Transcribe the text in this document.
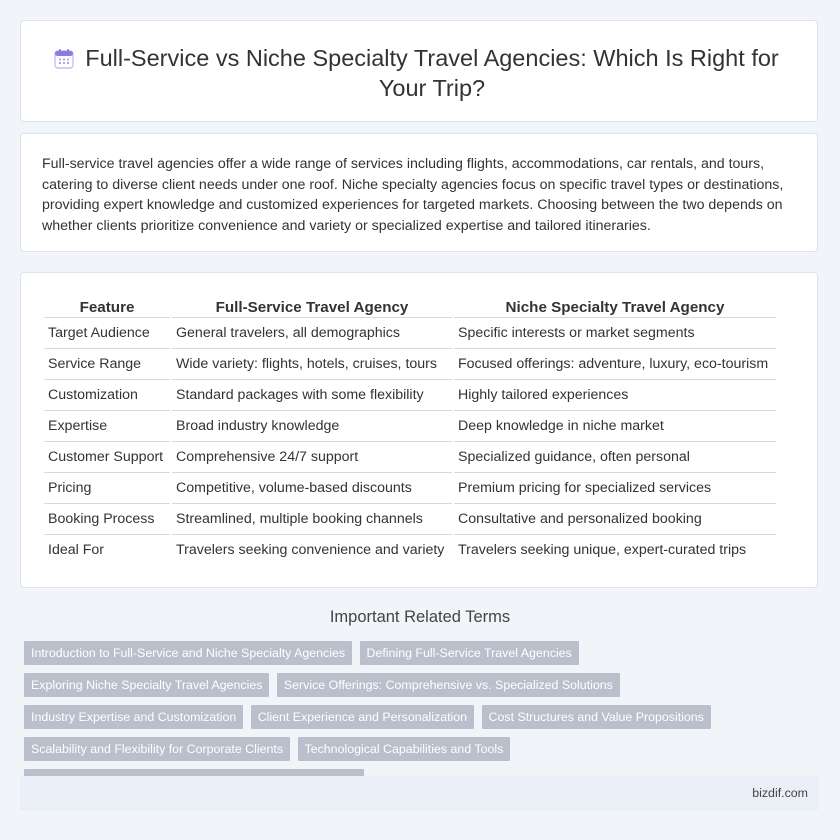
Full-Service vs Niche Specialty Travel Agencies: Which Is Right for Your Trip?
Full-service travel agencies offer a wide range of services including flights, accommodations, car rentals, and tours, catering to diverse client needs under one roof. Niche specialty agencies focus on specific travel types or destinations, providing expert knowledge and customized experiences for targeted markets. Choosing between the two depends on whether clients prioritize convenience and variety or specialized expertise and tailored itineraries.
Feature	Full-Service Travel Agency	Niche Specialty Travel Agency
Target Audience	General travelers, all demographics	Specific interests or market segments
Service Range	Wide variety: flights, hotels, cruises, tours	Focused offerings: adventure, luxury, eco-tourism
Customization	Standard packages with some flexibility	Highly tailored experiences
Expertise	Broad industry knowledge	Deep knowledge in niche market
Customer Support	Comprehensive 24/7 support	Specialized guidance, often personal
Pricing	Competitive, volume-based discounts	Premium pricing for specialized services
Booking Process	Streamlined, multiple booking channels	Consultative and personalized booking
Ideal For	Travelers seeking convenience and variety	Travelers seeking unique, expert-curated trips
Important Related Terms
Introduction to Full-Service and Niche Specialty Agencies Defining Full-Service Travel Agencies Exploring Niche Specialty Travel Agencies Service Offerings: Comprehensive vs. Specialized Solutions Industry Expertise and Customization Client Experience and Personalization Cost Structures and Value Propositions Scalability and Flexibility for Corporate Clients Technological Capabilities and Tools
bizdif.com
